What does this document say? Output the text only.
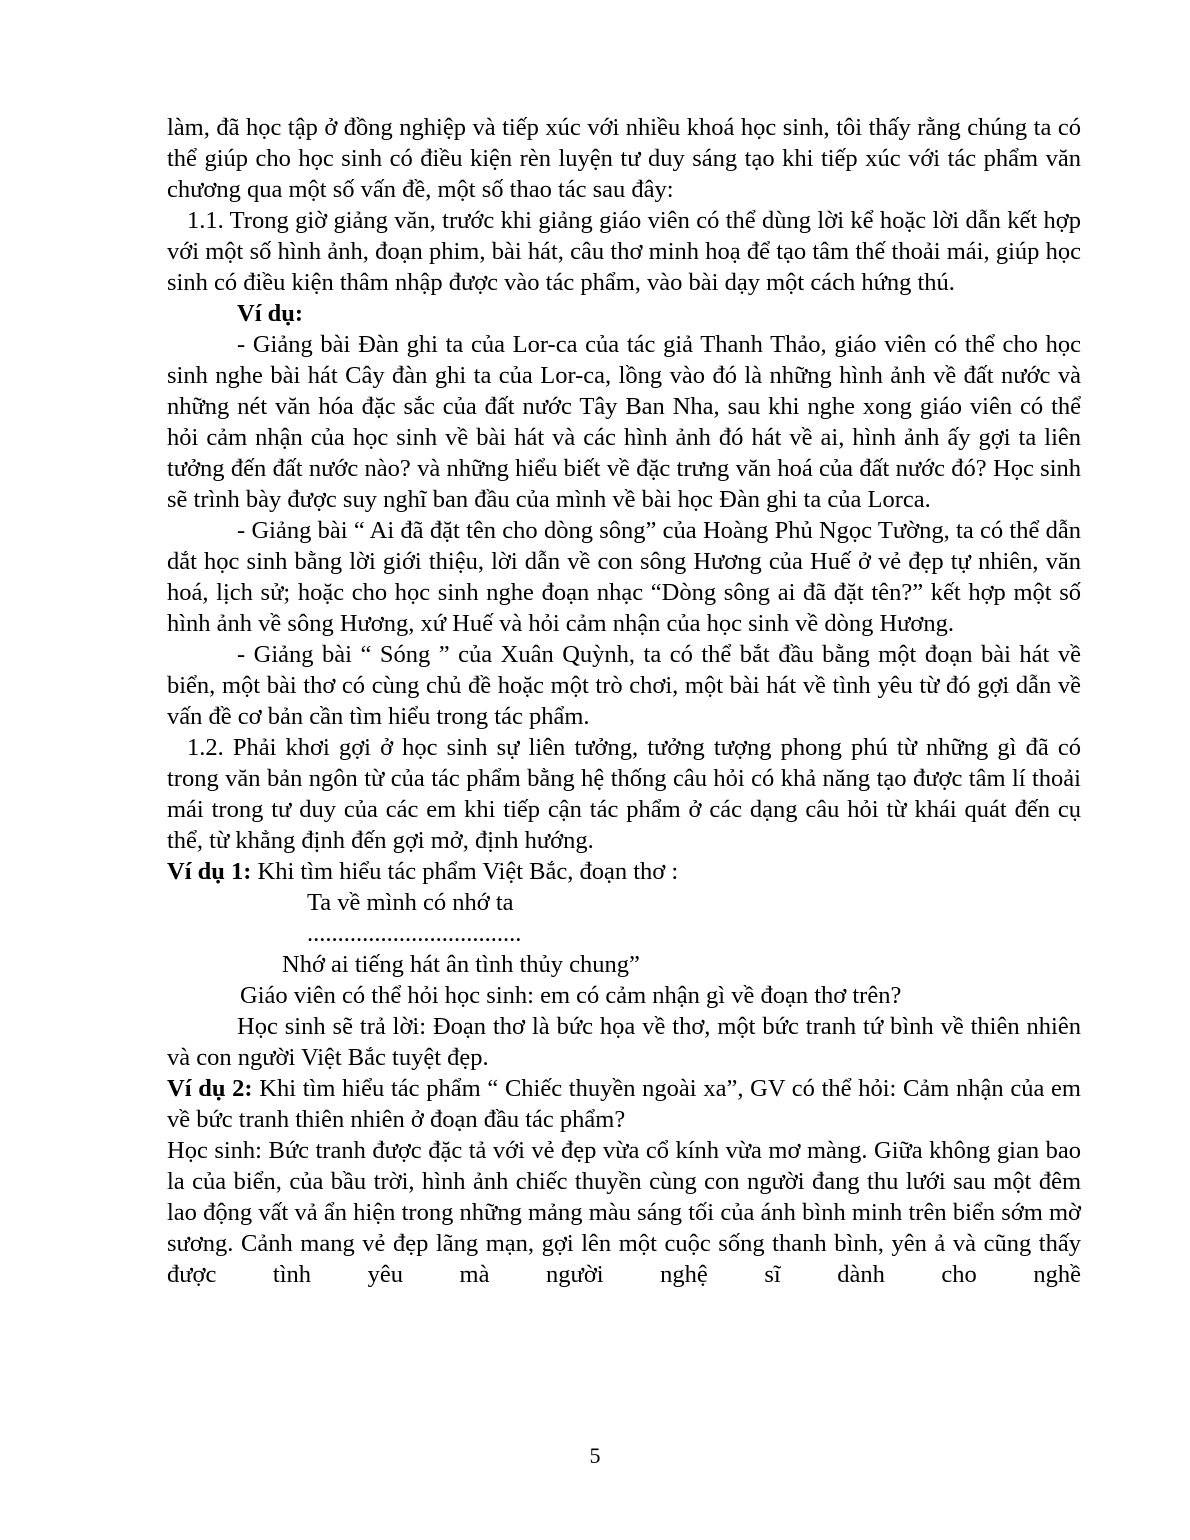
làm, đã học tập ở đồng nghiệp và tiếp xúc với nhiều khoá học sinh, tôi thấy rằng chúng ta có thể giúp cho học sinh có điều kiện rèn luyện tư duy sáng tạo khi tiếp xúc với tác phẩm văn chương qua một số vấn đề, một số thao tác sau đây:

1.1. Trong giờ giảng văn, trước khi giảng giáo viên có thể dùng lời kể hoặc lời dẫn kết hợp với một số hình ảnh, đoạn phim, bài hát, câu thơ minh hoạ để tạo tâm thế thoải mái, giúp học sinh có điều kiện thâm nhập được vào tác phẩm, vào bài dạy một cách hứng thú.

Ví dụ:

- Giảng bài Đàn ghi ta của Lor-ca của tác giả Thanh Thảo, giáo viên có thể cho học sinh nghe bài hát Cây đàn ghi ta của Lor-ca, lồng vào đó là những hình ảnh về đất nước và những nét văn hóa đặc sắc của đất nước Tây Ban Nha, sau khi nghe xong giáo viên có thể hỏi cảm nhận của học sinh về bài hát và các hình ảnh đó hát về ai, hình ảnh ấy gợi ta liên tưởng đến đất nước nào? và những hiểu biết về đặc trưng văn hoá của đất nước đó? Học sinh sẽ trình bày được suy nghĩ ban đầu của mình về bài học Đàn ghi ta của Lorca.

- Giảng bài “ Ai đã đặt tên cho dòng sông” của Hoàng Phủ Ngọc Tường, ta có thể dẫn dắt học sinh bằng lời giới thiệu, lời dẫn về con sông Hương của Huế ở vẻ đẹp tự nhiên, văn hoá, lịch sử; hoặc cho học sinh nghe đoạn nhạc “Dòng sông ai đã đặt tên?” kết hợp một số hình ảnh về sông Hương, xứ Huế và hỏi cảm nhận của học sinh về dòng Hương.

- Giảng bài “ Sóng ” của Xuân Quỳnh, ta có thể bắt đầu bằng một đoạn bài hát về biển, một bài thơ có cùng chủ đề hoặc một trò chơi, một bài hát về tình yêu từ đó gợi dẫn về vấn đề cơ bản cần tìm hiểu trong tác phẩm.

1.2. Phải khơi gợi ở học sinh sự liên tưởng, tưởng tượng phong phú từ những gì đã có trong văn bản ngôn từ của tác phẩm bằng hệ thống câu hỏi có khả năng tạo được tâm lí thoải mái trong tư duy của các em khi tiếp cận tác phẩm ở các dạng câu hỏi từ khái quát đến cụ thể, từ khẳng định đến gợi mở, định hướng.

Ví dụ 1: Khi tìm hiểu tác phẩm Việt Bắc, đoạn thơ :

Ta về mình có nhớ ta

...................................

Nhớ ai tiếng hát ân tình thủy chung”

Giáo viên có thể hỏi học sinh: em có cảm nhận gì về đoạn thơ trên?

Học sinh sẽ trả lời: Đoạn thơ là bức họa về thơ, một bức tranh tứ bình về thiên nhiên và con người Việt Bắc tuyệt đẹp.

Ví dụ 2: Khi tìm hiểu tác phẩm “ Chiếc thuyền ngoài xa”, GV có thể hỏi: Cảm nhận của em về bức tranh thiên nhiên ở đoạn đầu tác phẩm?

Học sinh: Bức tranh được đặc tả với vẻ đẹp vừa cổ kính vừa mơ màng. Giữa không gian bao la của biển, của bầu trời, hình ảnh chiếc thuyền cùng con người đang thu lưới sau một đêm lao động vất vả ẩn hiện trong những mảng màu sáng tối của ánh bình minh trên biển sớm mờ sương. Cảnh mang vẻ đẹp lãng mạn, gợi lên một cuộc sống thanh bình, yên ả và cũng thấy được tình yêu mà người nghệ sĩ dành cho nghề

5
